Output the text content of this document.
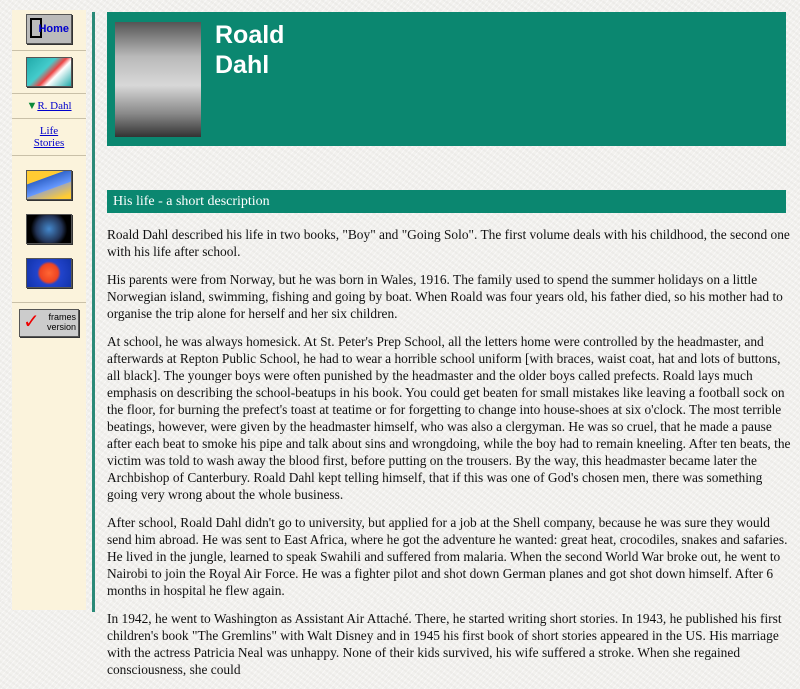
Home
▼R. Dahl
Life Stories
✓ frames version
Roald
Dahl
His life - a short description

Roald Dahl described his life in two books, "Boy" and "Going Solo". The first volume deals with his childhood, the second one with his life after school.

His parents were from Norway, but he was born in Wales, 1916. The family used to spend the summer holidays on a little Norwegian island, swimming, fishing and going by boat. When Roald was four years old, his father died, so his mother had to organise the trip alone for herself and her six children.

At school, he was always homesick. At St. Peter's Prep School, all the letters home were controlled by the headmaster, and afterwards at Repton Public School, he had to wear a horrible school uniform [with braces, waist coat, hat and lots of buttons, all black]. The younger boys were often punished by the headmaster and the older boys called prefects. Roald lays much emphasis on describing the school-beatups in his book. You could get beaten for small mistakes like leaving a football sock on the floor, for burning the prefect's toast at teatime or for forgetting to change into house-shoes at six o'clock. The most terrible beatings, however, were given by the headmaster himself, who was also a clergyman. He was so cruel, that he made a pause after each beat to smoke his pipe and talk about sins and wrongdoing, while the boy had to remain kneeling. After ten beats, the victim was told to wash away the blood first, before putting on the trousers. By the way, this headmaster became later the Archbishop of Canterbury. Roald Dahl kept telling himself, that if this was one of God's chosen men, there was something going very wrong about the whole business.

After school, Roald Dahl didn't go to university, but applied for a job at the Shell company, because he was sure they would send him abroad. He was sent to East Africa, where he got the adventure he wanted: great heat, crocodiles, snakes and safaries. He lived in the jungle, learned to speak Swahili and suffered from malaria. When the second World War broke out, he went to Nairobi to join the Royal Air Force. He was a fighter pilot and shot down German planes and got shot down himself. After 6 months in hospital he flew again.

In 1942, he went to Washington as Assistant Air Attaché. There, he started writing short stories. In 1943, he published his first children's book "The Gremlins" with Walt Disney and in 1945 his first book of short stories appeared in the US. His marriage with the actress Patricia Neal was unhappy. None of their kids survived, his wife suffered a stroke. When she regained consciousness, she could
